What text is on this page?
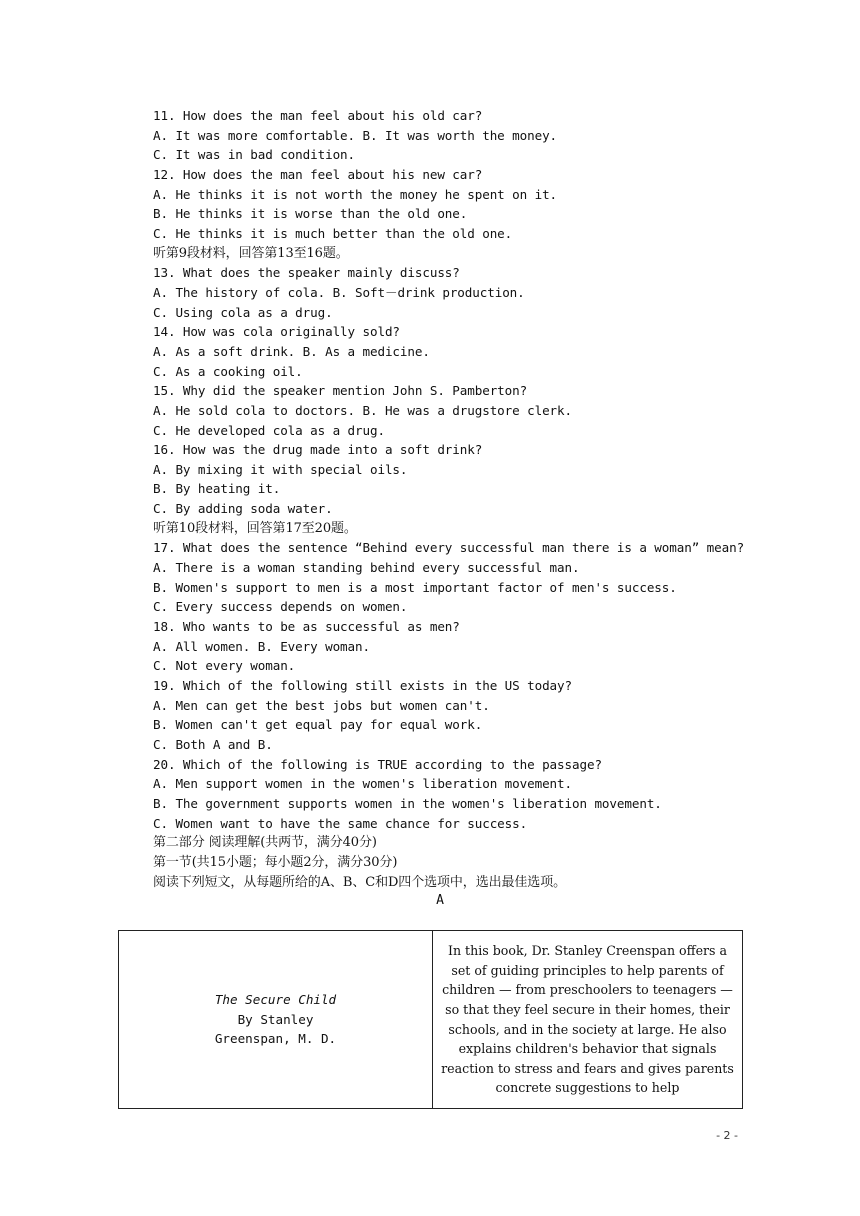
11. How does the man feel about his old car?
A. It was more comfortable. B. It was worth the money.
C. It was in bad condition.
12. How does the man feel about his new car?
A. He thinks it is not worth the money he spent on it.
B. He thinks it is worse than the old one.
C. He thinks it is much better than the old one.
听第9段材料，回答第13至16题。
13. What does the speaker mainly discuss?
A. The history of cola. B. Soft－drink production.
C. Using cola as a drug.
14. How was cola originally sold?
A. As a soft drink. B. As a medicine.
C. As a cooking oil.
15. Why did the speaker mention John S. Pamberton?
A. He sold cola to doctors. B. He was a drugstore clerk.
C. He developed cola as a drug.
16. How was the drug made into a soft drink?
A. By mixing it with special oils.
B. By heating it.
C. By adding soda water.
听第10段材料，回答第17至20题。
17. What does the sentence “Behind every successful man there is a woman” mean?
A. There is a woman standing behind every successful man.
B. Women's support to men is a most important factor of men's success.
C. Every success depends on women.
18. Who wants to be as successful as men?
A. All women. B. Every woman.
C. Not every woman.
19. Which of the following still exists in the US today?
A. Men can get the best jobs but women can't.
B. Women can't get equal pay for equal work.
C. Both A and B.
20. Which of the following is TRUE according to the passage?
A. Men support women in the women's liberation movement.
B. The government supports women in the women's liberation movement.
C. Women want to have the same chance for success.
第二部分 阅读理解(共两节，满分40分)
第一节(共15小题；每小题2分，满分30分)
阅读下列短文，从每题所给的A、B、C和D四个选项中，选出最佳选项。
A
The Secure Child
By Stanley
Greenspan, M. D.
	In this book, Dr. Stanley Creenspan offers a set of guiding principles to help parents of children — from preschoolers to teenagers — so that they feel secure in their homes, their schools, and in the society at large. He also explains children's behavior that signals reaction to stress and fears and gives parents concrete suggestions to help
- 2 -
